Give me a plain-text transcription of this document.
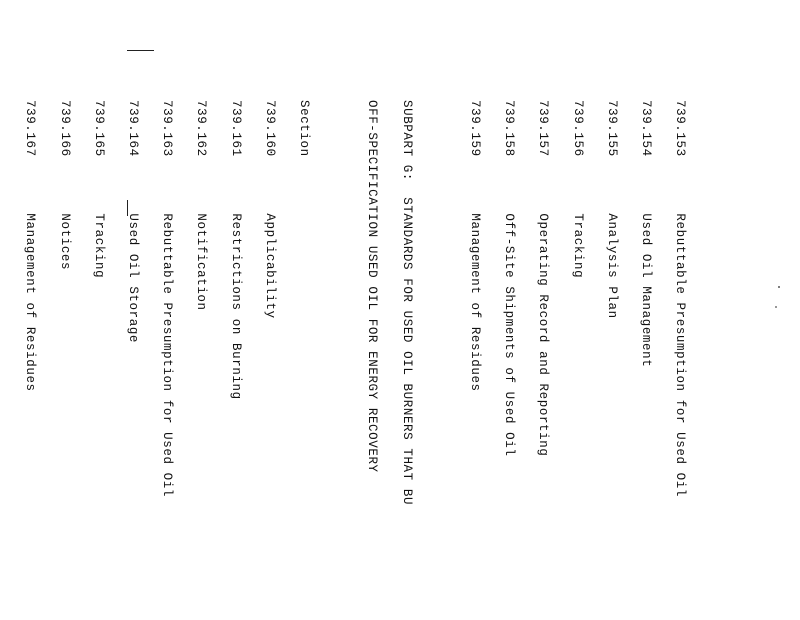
739.153       Rebuttable Presumption for Used Oil

739.154       Used Oil Management

739.155       Analysis Plan

739.156       Tracking

739.157       Operating Record and Reporting

739.158       Off-Site Shipments of Used Oil

739.159       Management of Residues

SUBPART G:  STANDARDS FOR USED OIL BURNERS THAT BU

OFF-SPECIFICATION USED OIL FOR ENERGY RECOVERY

Section

739.160       Applicability

739.161       Restrictions on Burning

739.162       Notification

739.163       Rebuttable Presumption for Used Oil

739.164       Used Oil Storage

739.165       Tracking

739.166       Notices

739.167       Management of Residues
